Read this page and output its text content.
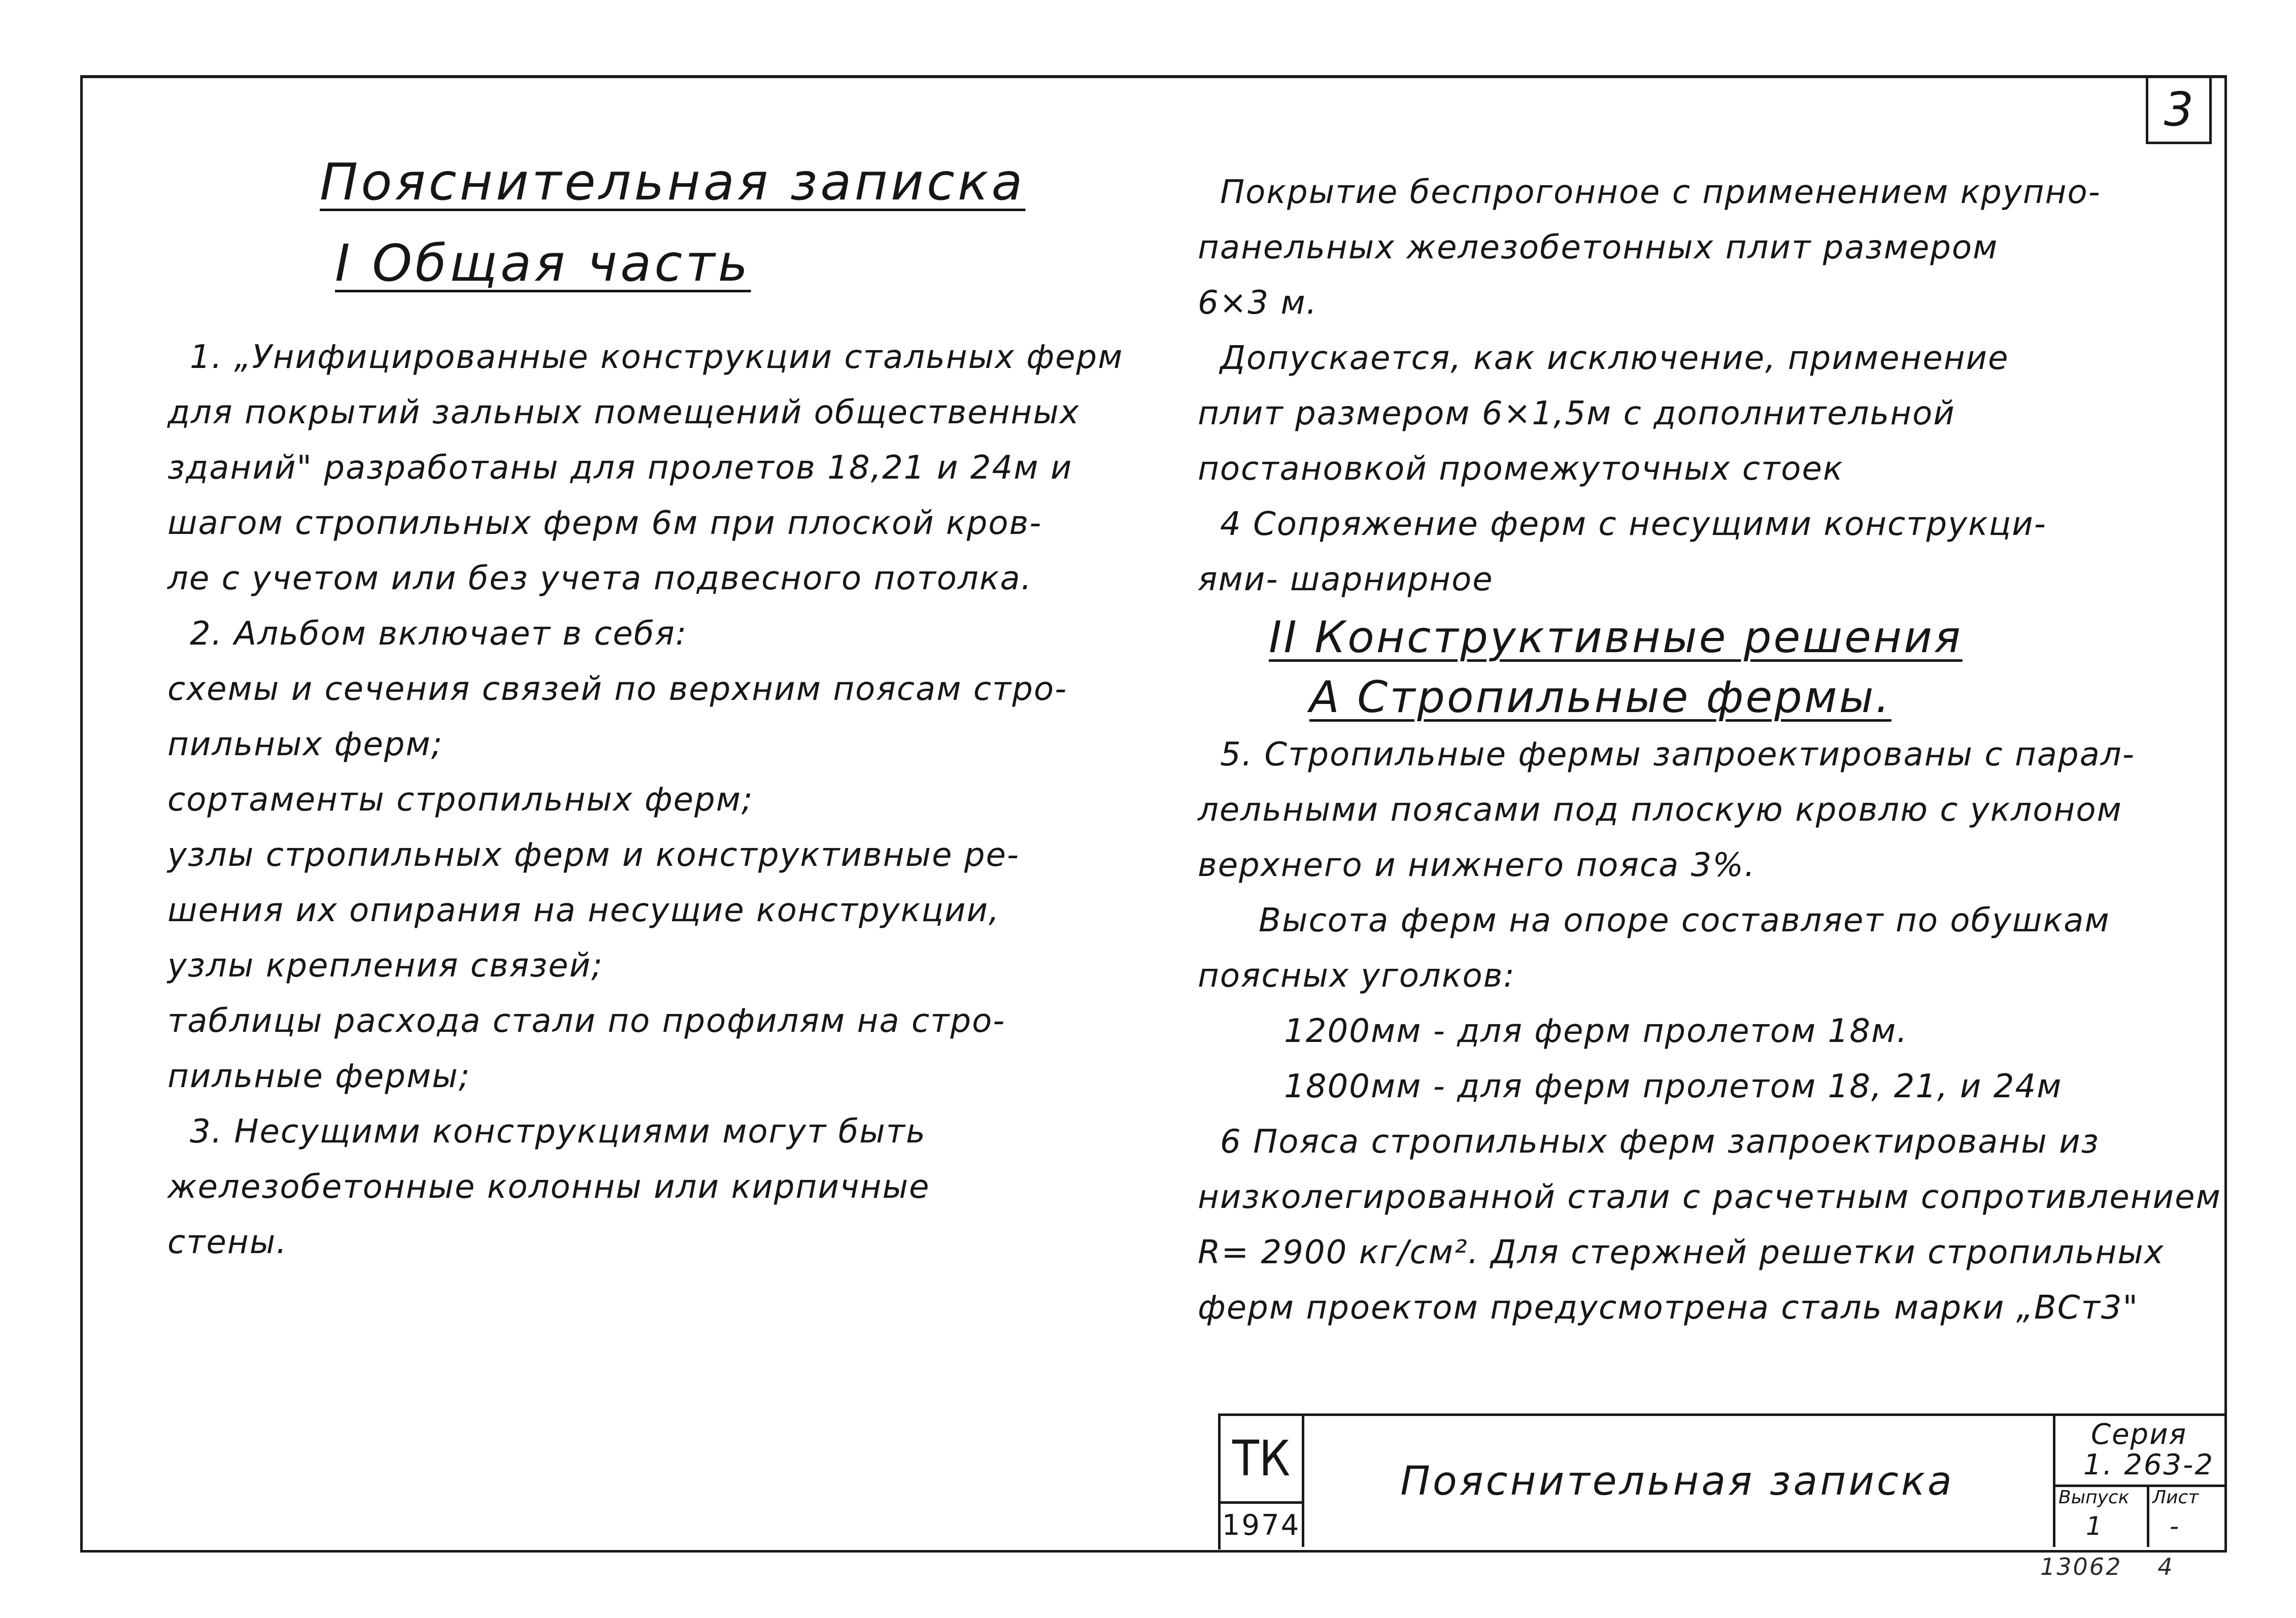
3
Пояснительная записка
I Общая часть

1. „Унифицированные конструкции стальных ферм

для покрытий зальных помещений общественных

зданий" разработаны для пролетов 18,21 и 24м и

шагом стропильных ферм 6м при плоской кров-

ле с учетом или без учета подвесного потолка.

2. Альбом включает в себя:

схемы и сечения связей по верхним поясам стро-

пильных ферм;

сортаменты стропильных ферм;

узлы стропильных ферм и конструктивные ре-

шения их опирания на несущие конструкции,

узлы крепления связей;

таблицы расхода стали по профилям на стро-

пильные фермы;

3. Несущими конструкциями могут быть

железобетонные колонны или кирпичные

стены.

Покрытие беспрогонное с применением крупно-

панельных железобетонных плит размером

6×3 м.

Допускается, как исключение, применение

плит размером 6×1,5м с дополнительной

постановкой промежуточных стоек

4 Сопряжение ферм с несущими конструкци-

ями- шарнирное

II Конструктивные решения

А Стропильные фермы.

5. Стропильные фермы запроектированы с парал-

лельными поясами под плоскую кровлю с уклоном

верхнего и нижнего пояса 3%.

Высота ферм на опоре составляет по обушкам

поясных уголков:

1200мм - для ферм пролетом 18м.

1800мм - для ферм пролетом 18, 21, и 24м

6 Пояса стропильных ферм запроектированы из

низколегированной стали с расчетным сопротивлением

R= 2900 кг/см². Для стержней решетки стропильных

ферм проектом предусмотрена сталь марки „ВСт3"

ТК
1974
Пояснительная записка
Серия
1. 263-2
Выпуск
1
Лист
-
13062 4
